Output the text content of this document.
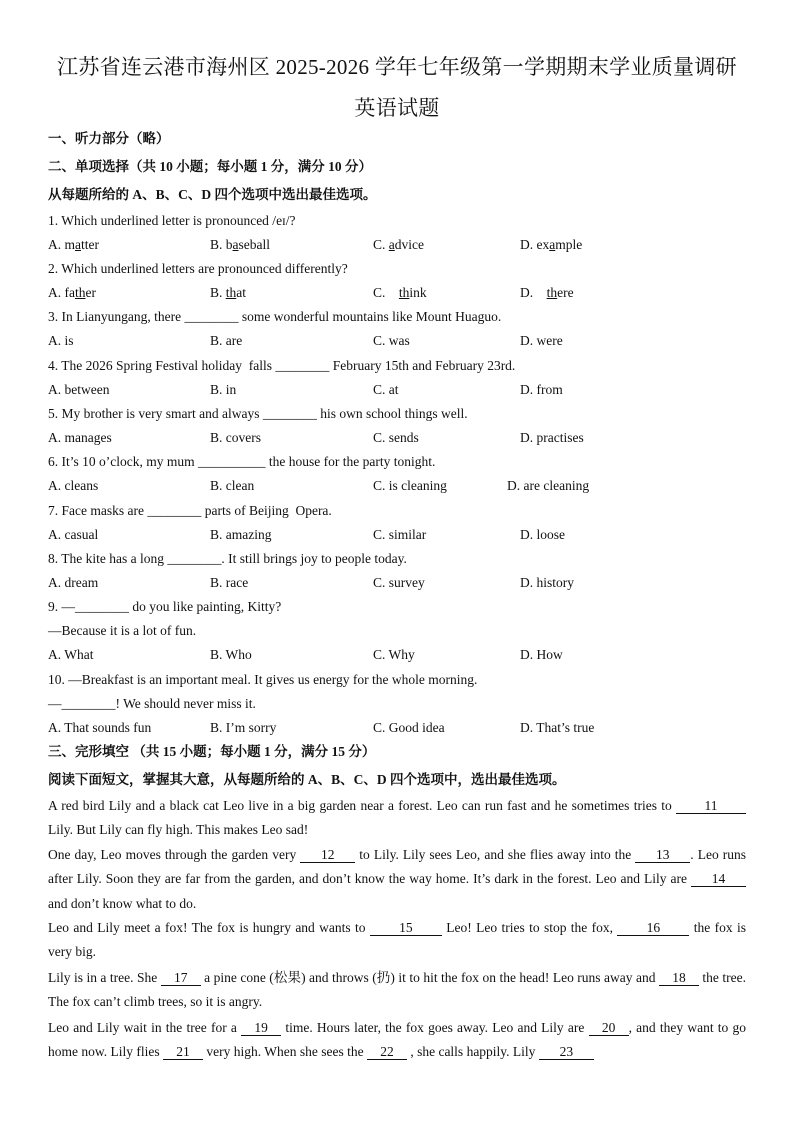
江苏省连云港市海州区 2025-2026 学年七年级第一学期期末学业质量调研
英语试题
一、听力部分（略）
二、单项选择（共 10 小题；每小题 1 分，满分 10 分）
从每题所给的 A、B、C、D 四个选项中选出最佳选项。
1. Which underlined letter is pronounced /eɪ/?
A. matter	B. baseball	C. advice	D. example
2. Which underlined letters are pronounced differently?
A. father	B. that	C.    think	D.    there
3. In Lianyungang, there ________ some wonderful mountains like Mount Huaguo.
A. is	B. are	C. was	D. were
4. The 2026 Spring Festival holiday  falls ________ February 15th and February 23rd.
A. between	B. in	C. at	D. from
5. My brother is very smart and always ________ his own school things well.
A. manages	B. covers	C. sends	D. practises
6. It’s 10 o’clock, my mum __________ the house for the party tonight.
A. cleans	B. clean	C. is cleaning	D. are cleaning
7. Face masks are ________ parts of Beijing  Opera.
A. casual	B. amazing	C. similar	D. loose
8. The kite has a long ________. It still brings joy to people today.
A. dream	B. race	C. survey	D. history
9. —________ do you like painting, Kitty?
—Because it is a lot of fun.
A. What	B. Who	C. Why	D. How
10. —Breakfast is an important meal. It gives us energy for the whole morning.
—________! We should never miss it.
A. That sounds fun	B. I’m sorry	C. Good idea	D. That’s true
三、完形填空 （共 15 小题；每小题 1 分，满分 15 分）
阅读下面短文，掌握其大意，从每题所给的 A、B、C、D 四个选项中，选出最佳选项。
A red bird Lily and a black cat Leo live in a big garden near a forest. Leo can run fast and he sometimes tries to 11 Lily. But Lily can fly high. This makes Leo sad!
One day, Leo moves through the garden very 12 to Lily. Lily sees Leo, and she flies away into the 13 . Leo runs after Lily. Soon they are far from the garden, and don’t know the way home. It’s dark in the forest. Leo and Lily are 14 and don’t know what to do.
Leo and Lily meet a fox! The fox is hungry and wants to 15 Leo! Leo tries to stop the fox, 16 the fox is very big.
Lily is in a tree. She 17 a pine cone (松果) and throws (扔) it to hit the fox on the head! Leo runs away and 18 the tree. The fox can’t climb trees, so it is angry.
Leo and Lily wait in the tree for a 19 time. Hours later, the fox goes away. Leo and Lily are 20 , and they want to go home now. Lily flies 21 very high. When she sees the 22 , she calls happily. Lily 23
